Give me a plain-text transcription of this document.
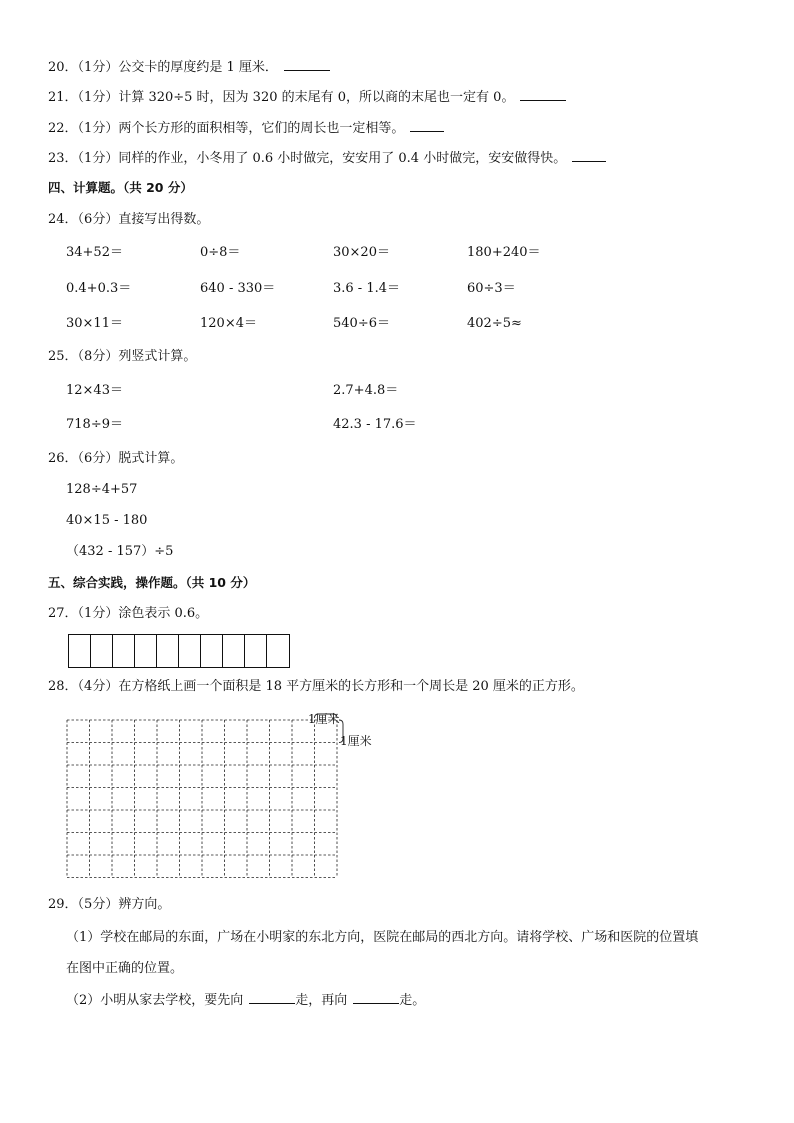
20．（1分）公交卡的厚度约是 1 厘米．
21．（1分）计算 320÷5 时，因为 320 的末尾有 0，所以商的末尾也一定有 0。
22．（1分）两个长方形的面积相等，它们的周长也一定相等。
23．（1分）同样的作业，小冬用了 0.6 小时做完，安安用了 0.4 小时做完，安安做得快。
四、计算题。（共 20 分）
24．（6分）直接写出得数。
34+52＝	0÷8＝	30×20＝	180+240＝
0.4+0.3＝	640 - 330＝	3.6 - 1.4＝	60÷3＝
30×11＝	120×4＝	540÷6＝	402÷5≈
25．（8分）列竖式计算。
12×43＝	2.7+4.8＝
718÷9＝	42.3 - 17.6＝
26．（6分）脱式计算。
128÷4+57
40×15 - 180
（432 - 157）÷5
五、综合实践，操作题。（共 10 分）
27．（1分）涂色表示 0.6。
28．（4分）在方格纸上画一个面积是 18 平方厘米的长方形和一个周长是 20 厘米的正方形。
1厘米
1厘米
29．（5分）辨方向。
（1）学校在邮局的东面，广场在小明家的东北方向，医院在邮局的西北方向。请将学校、广场和医院的位置填
在图中正确的位置。
（2）小明从家去学校，要先向	走，再向	走。
